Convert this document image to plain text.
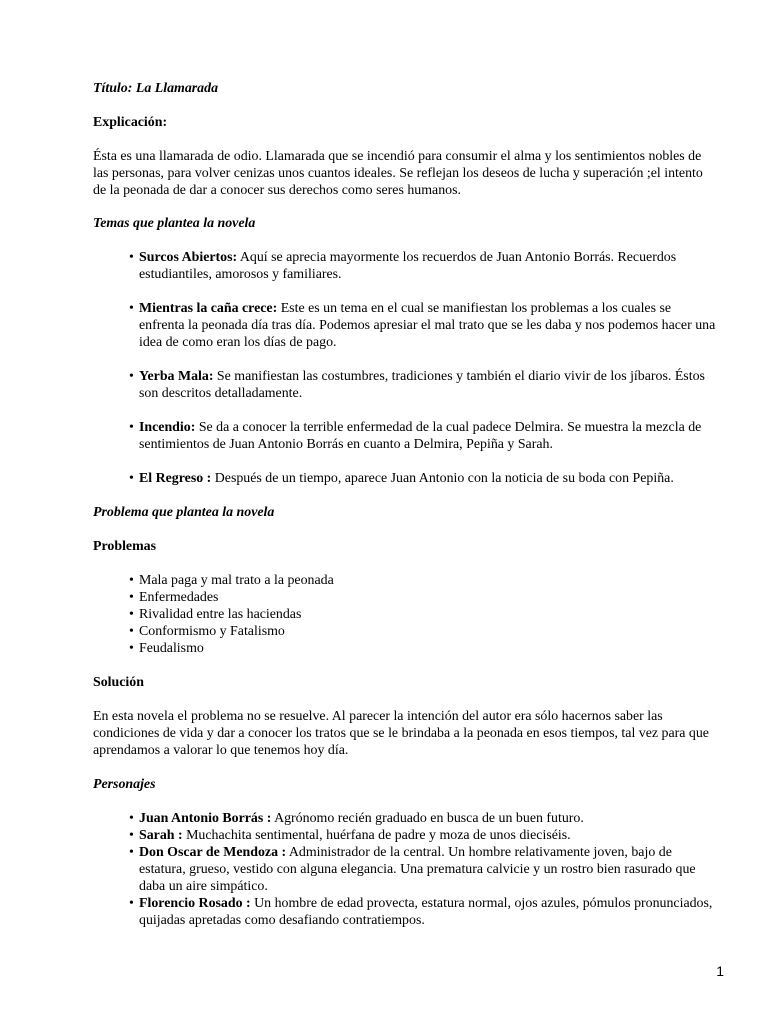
Título: La Llamarada

Explicación:

Ésta es una llamarada de odio. Llamarada que se incendió para consumir el alma y los sentimientos nobles de las personas, para volver cenizas unos cuantos ideales. Se reflejan los deseos de lucha y superación ;el intento de la peonada de dar a conocer sus derechos como seres humanos.

Temas que plantea la novela

• Surcos Abiertos: Aquí se aprecia mayormente los recuerdos de Juan Antonio Borrás. Recuerdos estudiantiles, amorosos y familiares.
• Mientras la caña crece: Este es un tema en el cual se manifiestan los problemas a los cuales se enfrenta la peonada día tras día. Podemos apresiar el mal trato que se les daba y nos podemos hacer una idea de como eran los días de pago.
• Yerba Mala: Se manifiestan las costumbres, tradiciones y también el diario vivir de los jíbaros. Éstos son descritos detalladamente.
• Incendio: Se da a conocer la terrible enfermedad de la cual padece Delmira. Se muestra la mezcla de sentimientos de Juan Antonio Borrás en cuanto a Delmira, Pepiña y Sarah.
• El Regreso : Después de un tiempo, aparece Juan Antonio con la noticia de su boda con Pepiña.

Problema que plantea la novela

Problemas

• Mala paga y mal trato a la peonada
• Enfermedades
• Rivalidad entre las haciendas
• Conformismo y Fatalismo
• Feudalismo

Solución

En esta novela el problema no se resuelve. Al parecer la intención del autor era sólo hacernos saber las condiciones de vida y dar a conocer los tratos que se le brindaba a la peonada en esos tiempos, tal vez para que aprendamos a valorar lo que tenemos hoy día.

Personajes

• Juan Antonio Borrás : Agrónomo recién graduado en busca de un buen futuro.
• Sarah : Muchachita sentimental, huérfana de padre y moza de unos dieciséis.
• Don Oscar de Mendoza : Administrador de la central. Un hombre relativamente joven, bajo de estatura, grueso, vestido con alguna elegancia. Una prematura calvicie y un rostro bien rasurado que daba un aire simpático.
• Florencio Rosado : Un hombre de edad provecta, estatura normal, ojos azules, pómulos pronunciados, quijadas apretadas como desafiando contratiempos.
1
